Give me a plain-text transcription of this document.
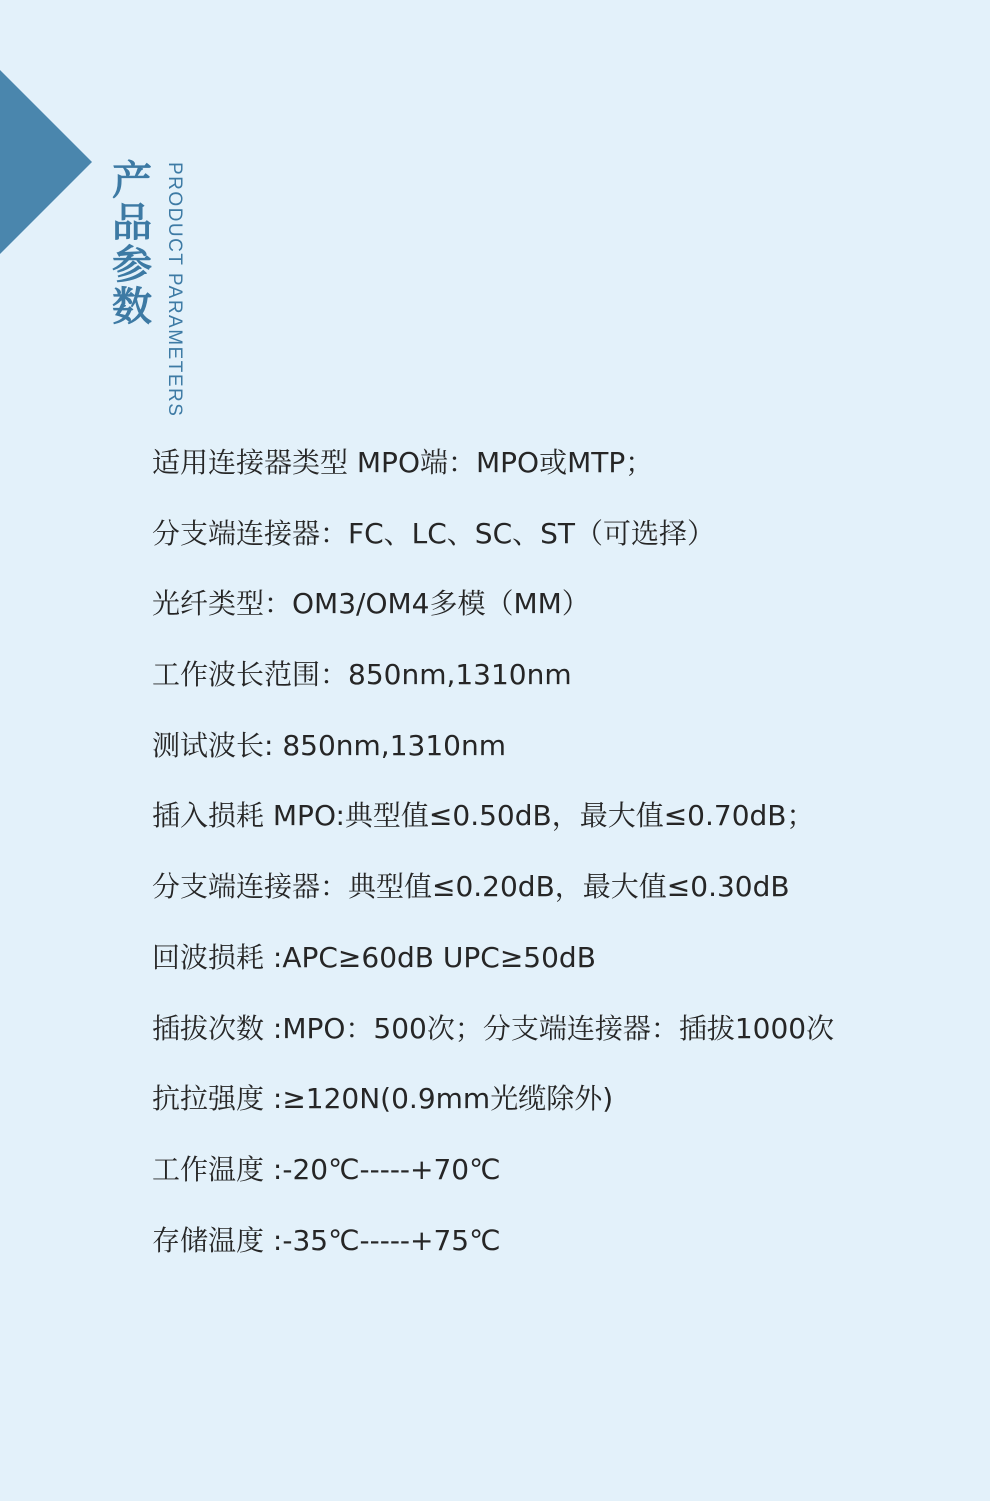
产
品
参
数 PRODUCT PARAMETERS
适用连接器类型 MPO端：MPO或MTP；
分支端连接器：FC、LC、SC、ST（可选择）
光纤类型：OM3/OM4多模（MM）
工作波长范围：850nm,1310nm
测试波长: 850nm,1310nm
插入损耗 MPO:典型值≤0.50dB，最大值≤0.70dB；
分支端连接器：典型值≤0.20dB，最大值≤0.30dB
回波损耗 :APC≥60dB UPC≥50dB
插拔次数 :MPO：500次；分支端连接器：插拔1000次
抗拉强度 :≥120N(0.9mm光缆除外)
工作温度 :-20℃-----+70℃
存储温度 :-35℃-----+75℃
